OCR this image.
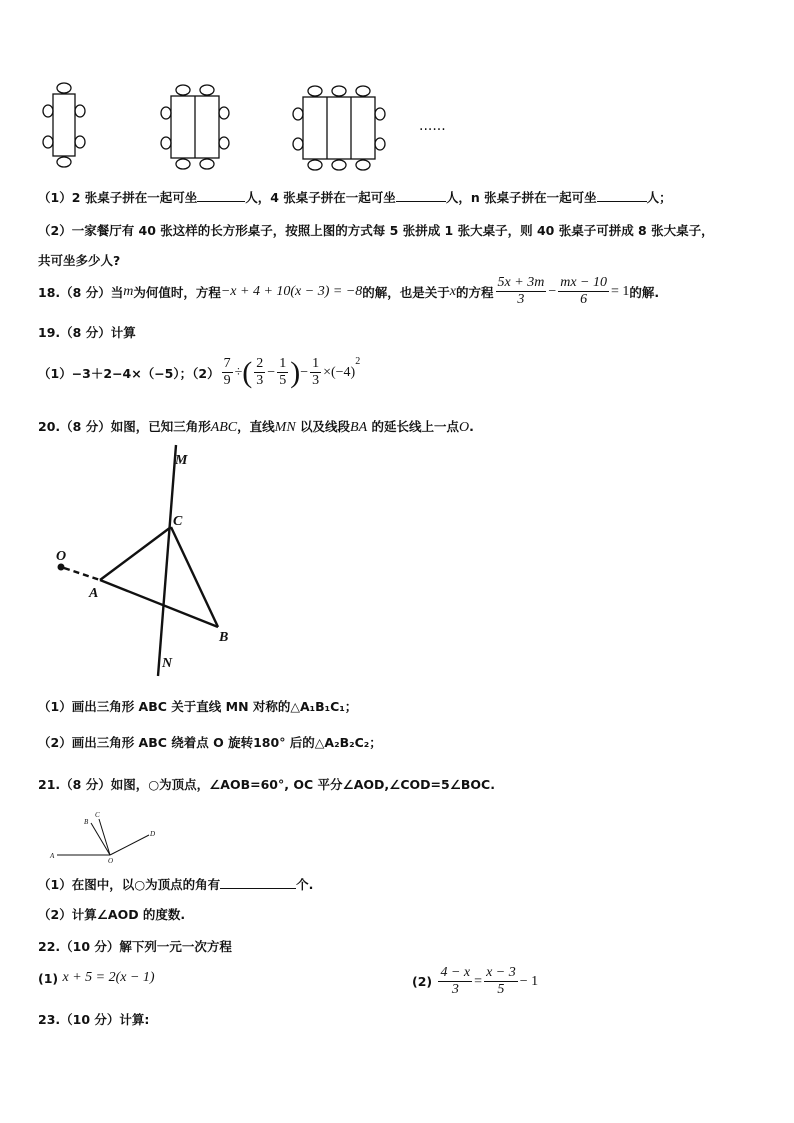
......
（1）2 张桌子拼在一起可坐	人，4 张桌子拼在一起可坐	人，n 张桌子拼在一起可坐	人；
（2）一家餐厅有 40 张这样的长方形桌子，按照上图的方式每 5 张拼成 1 张大桌子，则 40 张桌子可拼成 8 张大桌子，
共可坐多少人?
18.（8 分）当 m 为何值时，方程 −x + 4 + 10(x − 3) = −8 的解，也是关于 x 的方程 $\frac{5x + 3m}{3} - \frac{mx - 10}{6} = 1$ 的解.
19.（8 分）计算
（1）−3＋2−4×（−5）；$(2) \frac{7}{9}$ ÷ ( $\frac{2}{3} - \frac{1}{5}$ ) − $\frac{1}{3} \times(-4)$
$^2$
20.（8 分）如图，已知三角形ABC，直线MN 以及线段BA 的延长线上一点O.
M
C
O
A
B
N
（1）画出三角形 ABC 关于直线 MN 对称的△A₁B₁C₁；
（2）画出三角形 ABC 绕着点 O 旋转180° 后的△A₂B₂C₂；
21.（8 分）如图，○为顶点，∠AOB=60°, OC 平分∠AOD,∠COD=5∠BOC.
A
B
C
D
O
（1）在图中，以○为顶点的角有	个.
（2）计算∠AOD 的度数.
22.（10 分）解下列一元一次方程
(1)
x + 5 = 2(x − 1)	(2)
$\frac{4 - x}{3} = \frac{x - 3}{5} - 1$
23.（10 分）计算:
